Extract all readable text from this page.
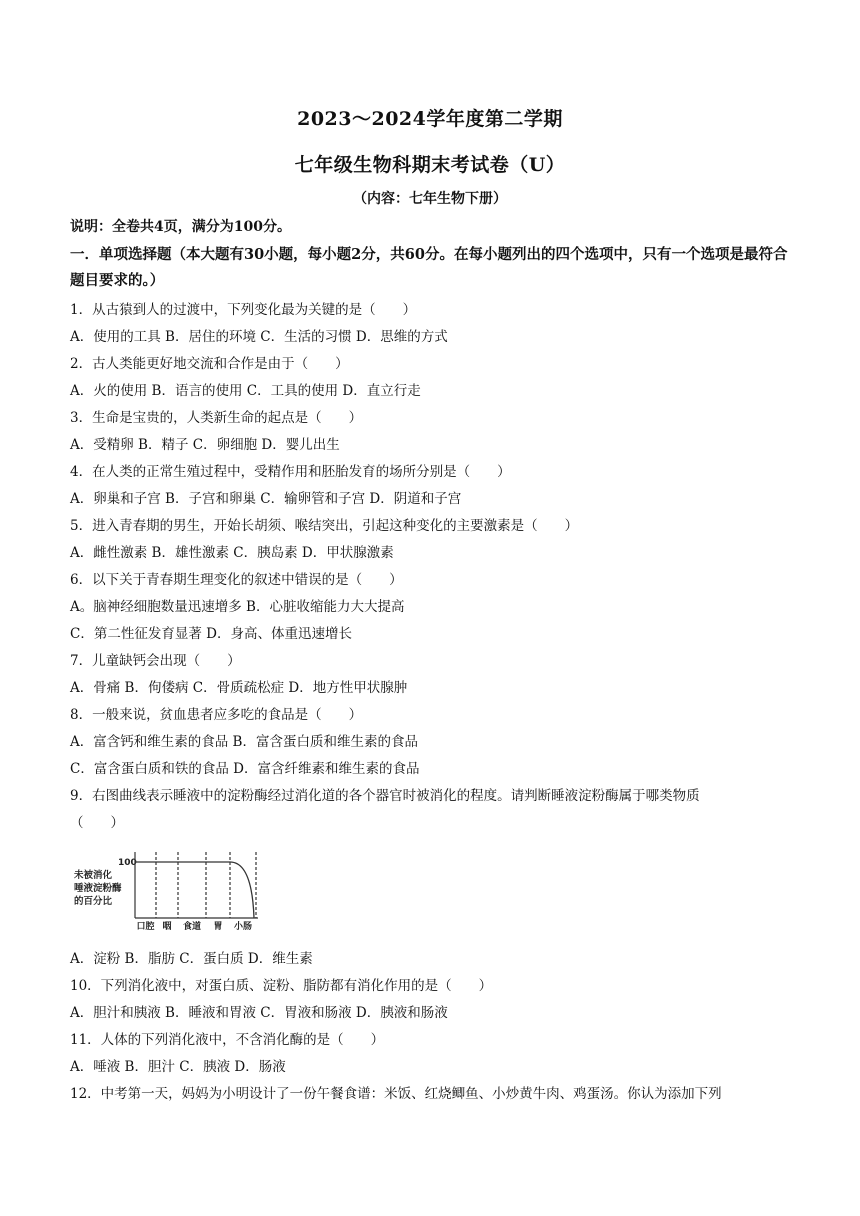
2023～2024学年度第二学期
七年级生物科期末考试卷（U）
（内容：七年生物下册）
说明：全卷共4页，满分为100分。
一．单项选择题（本大题有30小题，每小题2分，共60分。在每小题列出的四个选项中，只有一个选项是最符合题目要求的。）
1．从古猿到人的过渡中，下列变化最为关键的是（　　）
A．使用的工具 B．居住的环境 C．生活的习惯 D．思维的方式
2．古人类能更好地交流和合作是由于（　　）
A．火的使用 B．语言的使用 C．工具的使用 D．直立行走
3．生命是宝贵的，人类新生命的起点是（　　）
A．受精卵 B．精子 C．卵细胞 D．婴儿出生
4．在人类的正常生殖过程中，受精作用和胚胎发育的场所分别是（　　）
A．卵巢和子宫 B．子宫和卵巢 C．输卵管和子宫 D．阴道和子宫
5．进入青春期的男生，开始长胡须、喉结突出，引起这种变化的主要激素是（　　）
A．雌性激素 B．雄性激素 C．胰岛素 D．甲状腺激素
6．以下关于青春期生理变化的叙述中错误的是（　　）
A。脑神经细胞数量迅速增多 B．心脏收缩能力大大提高
C．第二性征发育显著 D．身高、体重迅速增长
7．儿童缺钙会出现（　　）
A．骨痛 B．佝偻病 C．骨质疏松症 D．地方性甲状腺肿
8．一般来说，贫血患者应多吃的食品是（　　）
A．富含钙和维生素的食品 B．富含蛋白质和维生素的食品
C．富含蛋白质和铁的食品 D．富含纤维素和维生素的食品
9．右图曲线表示睡液中的淀粉酶经过消化道的各个器官时被消化的程度。请判断睡液淀粉酶属于哪类物质
（　　）
未被消化
唾液淀粉酶
的百分比
100
口腔 咽 食道 胃 小肠
A．淀粉 B．脂肪 C．蛋白质 D．维生素
10．下列消化液中，对蛋白质、淀粉、脂防都有消化作用的是（　　）
A．胆汁和胰液 B．睡液和胃液 C．胃液和肠液 D．胰液和肠液
11．人体的下列消化液中，不含消化酶的是（　　）
A．唾液 B．胆汁 C．胰液 D．肠液
12．中考第一天，妈妈为小明设计了一份午餐食谱：米饭、红烧鲫鱼、小炒黄牛肉、鸡蛋汤。你认为添加下列
